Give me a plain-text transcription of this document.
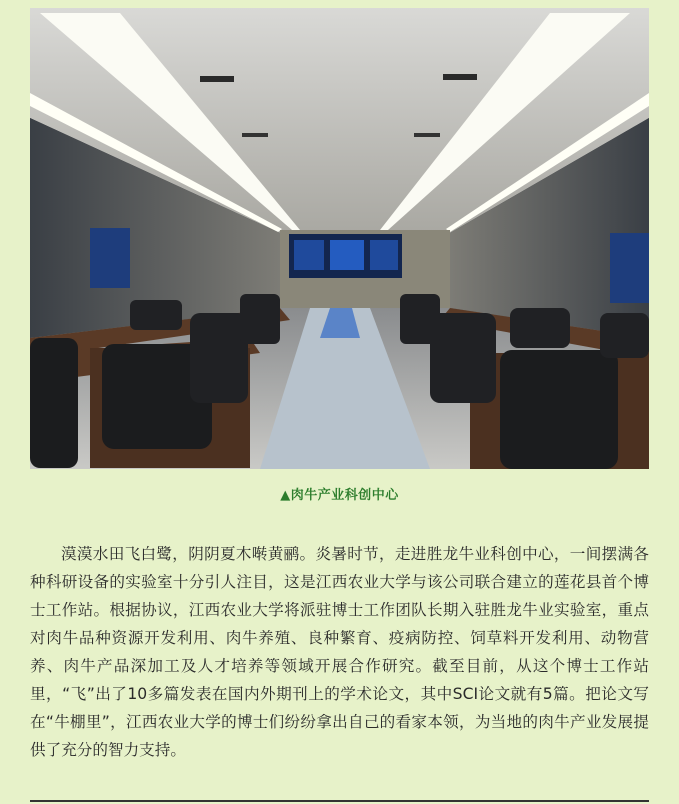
▲肉牛产业科创中心

漠漠水田飞白鹭，阴阴夏木啭黄鹂。炎暑时节，走进胜龙牛业科创中心，一间摆满各种科研设备的实验室十分引人注目，这是江西农业大学与该公司联合建立的莲花县首个博士工作站。根据协议，江西农业大学将派驻博士工作团队长期入驻胜龙牛业实验室，重点对肉牛品种资源开发利用、肉牛养殖、良种繁育、疫病防控、饲草料开发利用、动物营养、肉牛产品深加工及人才培养等领域开展合作研究。截至目前，从这个博士工作站里，“飞”出了10多篇发表在国内外期刊上的学术论文，其中SCI论文就有5篇。把论文写在“牛棚里”，江西农业大学的博士们纷纷拿出自己的看家本领，为当地的肉牛产业发展提供了充分的智力支持。
